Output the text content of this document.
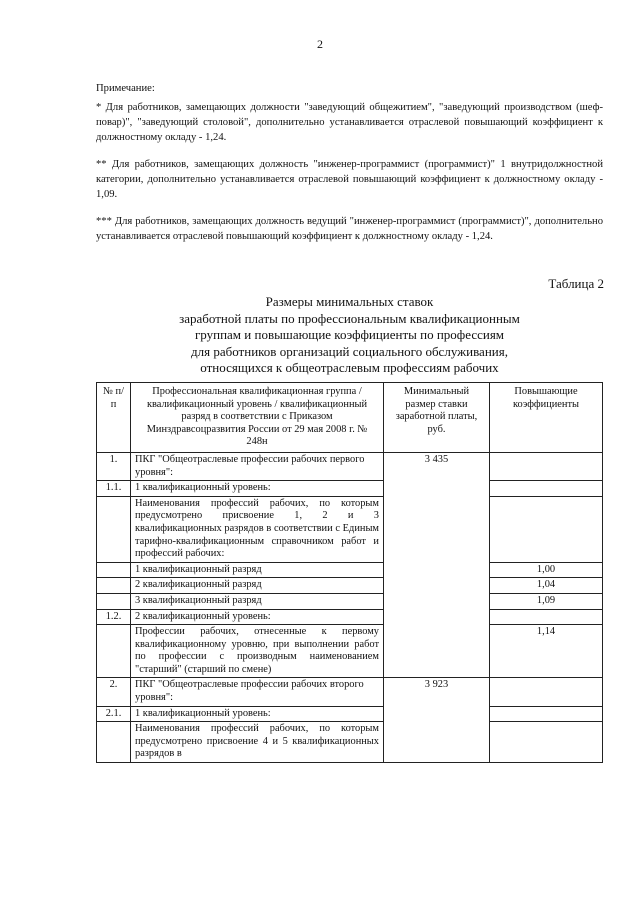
2

Примечание:

* Для работников, замещающих должности "заведующий общежитием", "заведующий производством (шеф-повар)", "заведующий столовой", дополнительно устанавливается отраслевой повышающий коэффициент к должностному окладу - 1,24.

** Для работников, замещающих должность "инженер-программист (программист)" 1 внутридолжностной категории, дополнительно устанавливается отраслевой повышающий коэффициент к должностному окладу - 1,09.

*** Для работников, замещающих должность ведущий "инженер-программист (программист)", дополнительно устанавливается отраслевой повышающий коэффициент к должностному окладу - 1,24.

Таблица 2
Размеры минимальных ставок
заработной платы по профессиональным квалификационным
группам и повышающие коэффициенты по профессиям
для работников организаций социального обслуживания,
относящихся к общеотраслевым профессиям рабочих
№ п/п	Профессиональная квалификационная группа / квалификационный уровень / квалификационный разряд в соответствии с Приказом Минздравсоцразвития России от 29 мая 2008 г. № 248н	Минимальный размер ставки заработной платы, руб.	Повышающие коэффициенты
1.	ПКГ "Общеотраслевые профессии рабочих первого уровня":	3 435	
1.1.	1 квалификационный уровень:		
	Наименования профессий рабочих, по которым предусмотрено присвоение 1, 2 и 3 квалификационных разрядов в соответствии с Единым тарифно-квалификационным справочником работ и профессий рабочих:		
	1 квалификационный разряд		1,00
	2 квалификационный разряд		1,04
	3 квалификационный разряд		1,09
1.2.	2 квалификационный уровень:		
	Профессии рабочих, отнесенные к первому квалификационному уровню, при выполнении работ по профессии с производным наименованием "старший" (старший по смене)		1,14
2.	ПКГ "Общеотраслевые профессии рабочих второго уровня":	3 923	
2.1.	1 квалификационный уровень:		
	Наименования профессий рабочих, по которым предусмотрено присвоение 4 и 5 квалификационных разрядов в		
